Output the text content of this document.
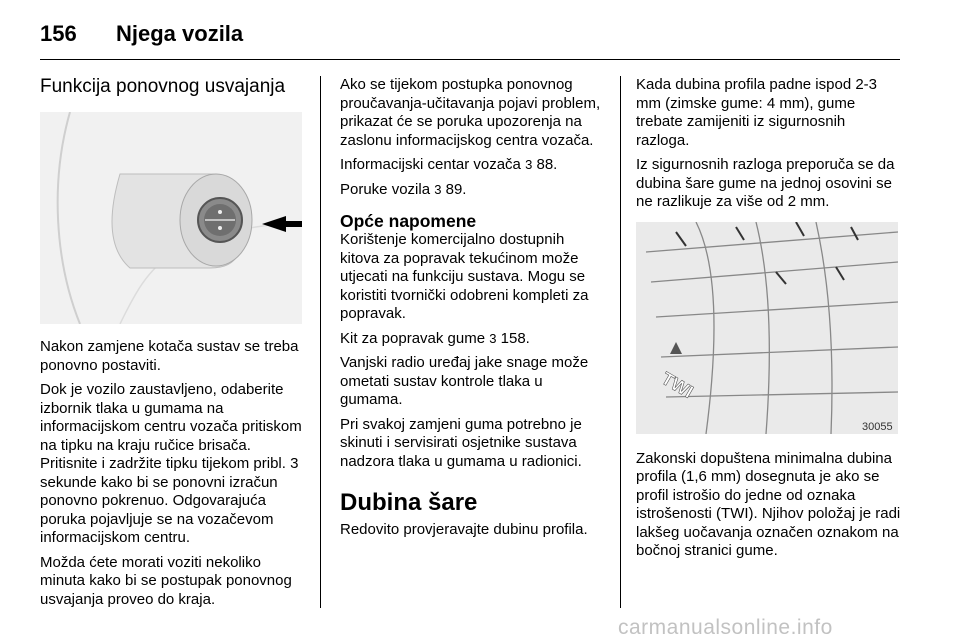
156	Njega vozila
Funkcija ponovnog usvajanja

Nakon zamjene kotača sustav se treba ponovno postaviti.

Dok je vozilo zaustavljeno, odaberite izbornik tlaka u gumama na informacijskom centru vozača pritiskom na tipku na kraju ručice brisača. Pritisnite i zadržite tipku tijekom pribl. 3 sekunde kako bi se ponovni izračun ponovno pokrenuo. Odgovarajuća poruka pojavljuje se na vozačevom informacijskom centru.

Možda ćete morati voziti nekoliko minuta kako bi se postupak ponovnog usvajanja proveo do kraja.

Ako se tijekom postupka ponovnog proučavanja-učitavanja pojavi problem, prikazat će se poruka upozorenja na zaslonu informacijskog centra vozača.

Informacijski centar vozača 3 88.

Poruke vozila 3 89.

Opće napomene

Korištenje komercijalno dostupnih kitova za popravak tekućinom može utjecati na funkciju sustava. Mogu se koristiti tvornički odobreni kompleti za popravak.

Kit za popravak gume 3 158.

Vanjski radio uređaj jake snage može ometati sustav kontrole tlaka u gumama.

Pri svakoj zamjeni guma potrebno je skinuti i servisirati osjetnike sustava nadzora tlaka u gumama u radionici.

Dubina šare

Redovito provjeravajte dubinu profila.

Kada dubina profila padne ispod 2-3 mm (zimske gume: 4 mm), gume trebate zamijeniti iz sigurnosnih razloga.

Iz sigurnosnih razloga preporuča se da dubina šare gume na jednoj osovini se ne razlikuje za više od 2 mm.

TWI
30055

Zakonski dopuštena minimalna dubina profila (1,6 mm) dosegnuta je ako se profil istrošio do jedne od oznaka istrošenosti (TWI). Njihov položaj je radi lakšeg uočavanja označen oznakom na bočnoj stranici gume.

carmanualsonline.info
